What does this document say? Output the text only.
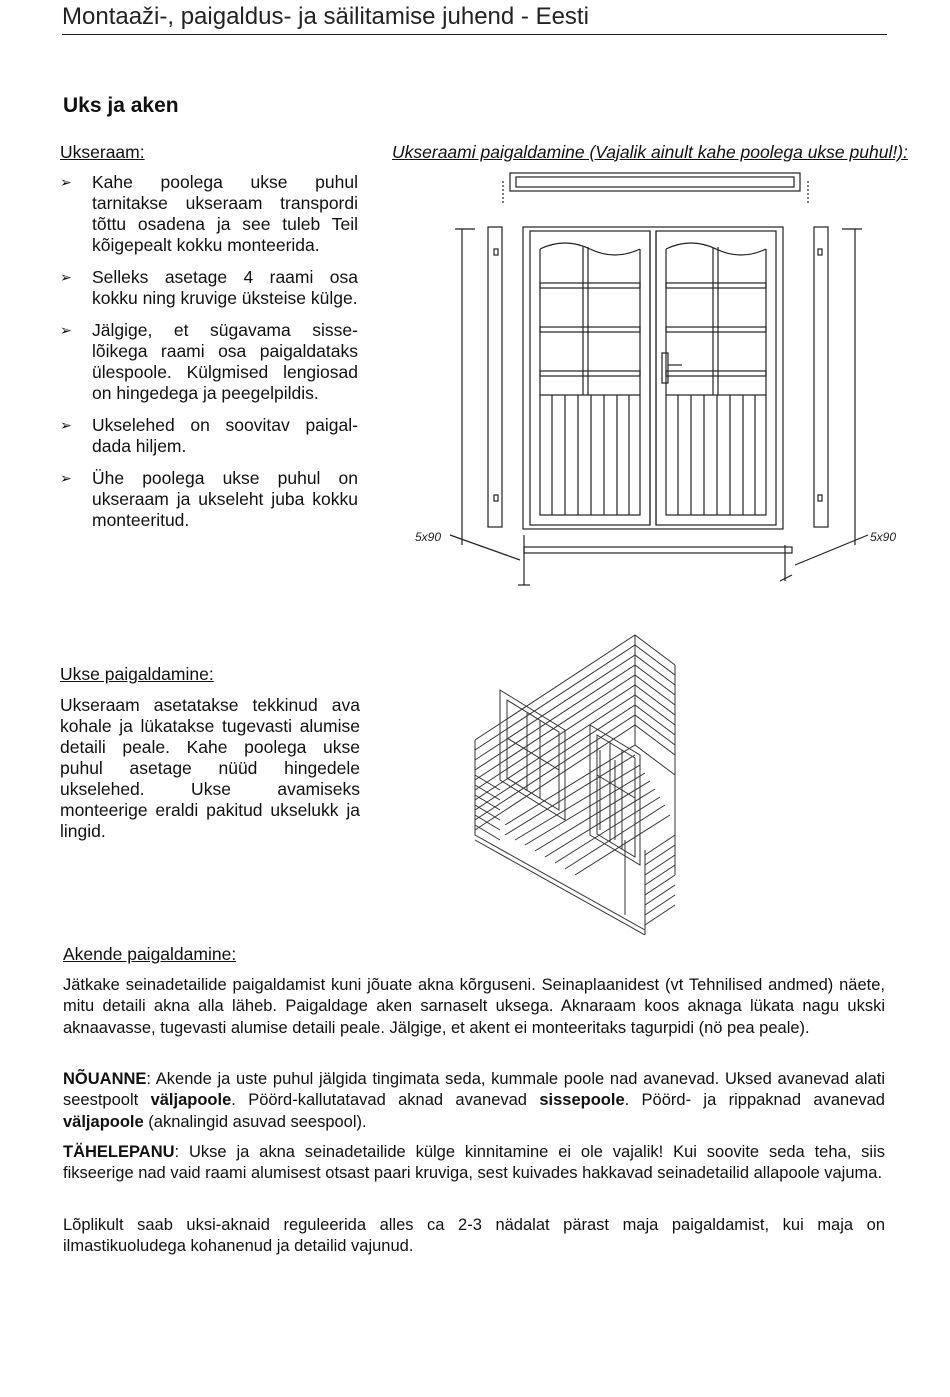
Montaaži-, paigaldus- ja säilitamise juhend - Eesti
Uks ja aken
Ukseraam:
➢ Kahe poolega ukse puhul tarnitakse ukseraam transpordi tõttu osadena ja see tuleb Teil kõigepealt kokku monteerida.
➢ Selleks asetage 4 raami osa kokku ning kruvige üksteise külge.
➢ Jälgige, et sügavama sisse-lõikega raami osa paigaldataks ülespoole. Külgmised lengiosad on hingedega ja peegelpildis.
➢ Ukselehed on soovitav paigal-dada hiljem.
➢ Ühe poolega ukse puhul on ukseraam ja ukseleht juba kokku monteeritud.
Ukseraami paigaldamine (Vajalik ainult kahe poolega ukse puhul!):
5x90	5x90
Ukse paigaldamine:
Ukseraam asetatakse tekkinud ava kohale ja lükatakse tugevasti alumise detaili peale. Kahe poolega ukse puhul asetage nüüd hingedele ukselehed. Ukse avamiseks monteerige eraldi pakitud ukselukk ja lingid.
Akende paigaldamine:
Jätkake seinadetailide paigaldamist kuni jõuate akna kõrguseni. Seinaplaanidest (vt Tehnilised andmed) näete, mitu detaili akna alla läheb. Paigaldage aken sarnaselt uksega. Aknaraam koos aknaga lükata nagu ukski aknaavasse, tugevasti alumise detaili peale. Jälgige, et akent ei monteeritaks tagurpidi (nö pea peale).
NÕUANNE: Akende ja uste puhul jälgida tingimata seda, kummale poole nad avanevad. Uksed avanevad alati seestpoolt väljapoole. Pöörd-kallutatavad aknad avanevad sissepoole. Pöörd- ja rippaknad avanevad väljapoole (aknalingid asuvad seespool).
TÄHELEPANU: Ukse ja akna seinadetailide külge kinnitamine ei ole vajalik! Kui soovite seda teha, siis fikseerige nad vaid raami alumisest otsast paari kruviga, sest kuivades hakkavad seinadetailid allapoole vajuma.
Lõplikult saab uksi-aknaid reguleerida alles ca 2-3 nädalat pärast maja paigaldamist, kui maja on ilmastikuoludega kohanenud ja detailid vajunud.
